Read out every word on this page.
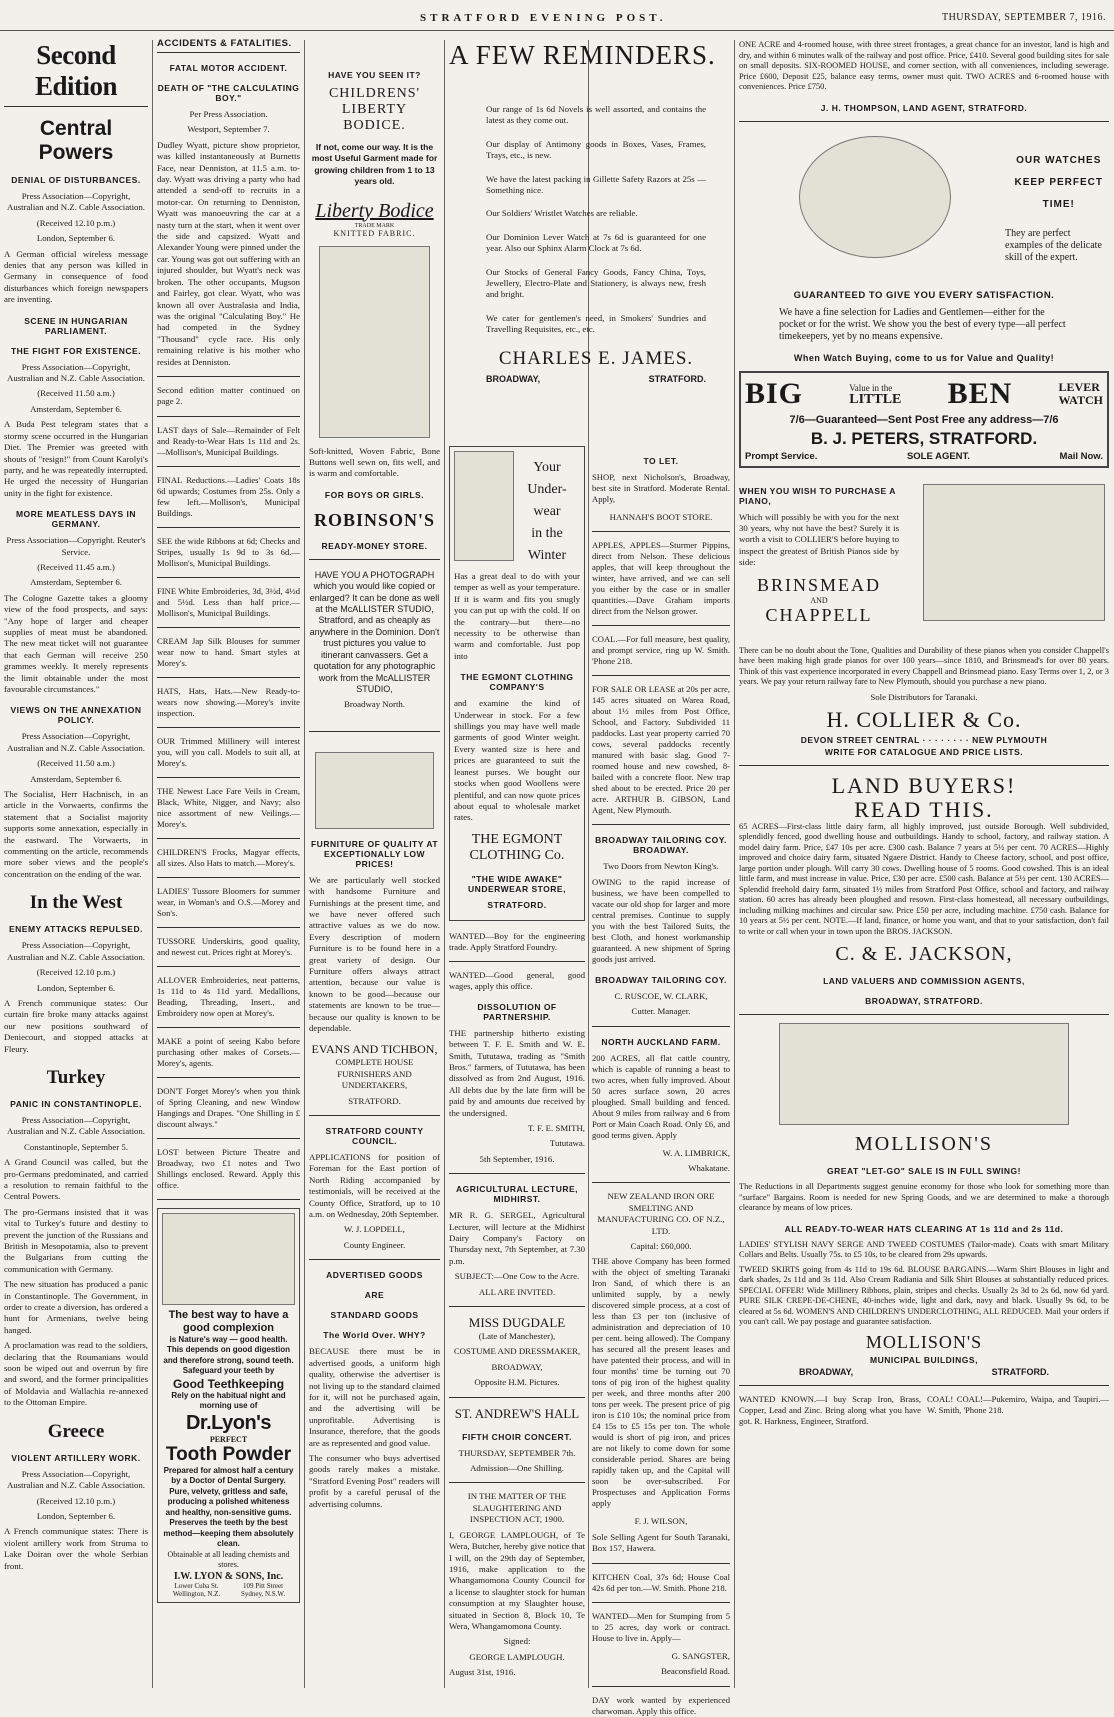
STRATFORD EVENING POST.	THURSDAY, SEPTEMBER 7, 1916.
Second Edition
Central Powers
DENIAL OF DISTURBANCES.
Press Association—Copyright, Australian and N.Z. Cable Association.
(Received 12.10 p.m.)
London, September 6.
A German official wireless message denies that any person was killed in Germany in consequence of food disturbances which foreign newspapers are inventing.
SCENE IN HUNGARIAN PARLIAMENT.
THE FIGHT FOR EXISTENCE.
Press Association—Copyright, Australian and N.Z. Cable Association.
(Received 11.50 a.m.)
Amsterdam, September 6.
A Buda Pest telegram states that a stormy scene occurred in the Hungarian Diet. The Premier was greeted with shouts of "resign!" from Count Karolyi's party, and he was repeatedly interrupted. He urged the necessity of Hungarian unity in the fight for existence.
MORE MEATLESS DAYS IN GERMANY.
Press Association—Copyright. Reuter's Service.
(Received 11.45 a.m.)
Amsterdam, September 6.
The Cologne Gazette takes a gloomy view of the food prospects, and says: "Any hope of larger and cheaper supplies of meat must be abandoned. The new meat ticket will not guarantee that each German will receive 250 grammes weekly. It merely represents the limit obtainable under the most favourable circumstances."
VIEWS ON THE ANNEXATION POLICY.
Press Association—Copyright, Australian and N.Z. Cable Association.
(Received 11.50 a.m.)
Amsterdam, September 6.
The Socialist, Herr Hachnisch, in an article in the Vorwaerts, confirms the statement that a Socialist majority supports some annexation, especially in the eastward. The Vorwaerts, in commenting on the article, recommends more sober views and the people's concentration on the ending of the war.
In the West
ENEMY ATTACKS REPULSED.
Press Association—Copyright, Australian and N.Z. Cable Association.
(Received 12.10 p.m.)
London, September 6.
A French communique states: Our curtain fire broke many attacks against our new positions southward of Deniecourt, and stopped attacks at Fleury.
Turkey
PANIC IN CONSTANTINOPLE.
Press Association—Copyright, Australian and N.Z. Cable Association.
Constantinople, September 5.
A Grand Council was called, but the pro-Germans predominated, and carried a resolution to remain faithful to the Central Powers.
The pro-Germans insisted that it was vital to Turkey's future and destiny to prevent the junction of the Russians and British in Mesopotamia, also to prevent the Bulgarians from cutting the communication with Germany.
The new situation has produced a panic in Constantinople. The Government, in order to create a diversion, has ordered a hunt for Armenians, twelve being hanged.
A proclamation was read to the soldiers, declaring that the Roumanians would soon be wiped out and overrun by fire and sword, and the former principalities of Moldavia and Wallachia re-annexed to the Ottoman Empire.
Greece
VIOLENT ARTILLERY WORK.
Press Association—Copyright, Australian and N.Z. Cable Association.
(Received 12.10 p.m.)
London, September 6.
A French communique states: There is violent artillery work from Struma to Lake Doiran over the whole Serbian front.
ACCIDENTS & FATALITIES.
FATAL MOTOR ACCIDENT.
DEATH OF "THE CALCULATING BOY."
Per Press Association.
Westport, September 7.
Dudley Wyatt, picture show proprietor, was killed instantaneously at Burnetts Face, near Denniston, at 11.5 a.m. to-day. Wyatt was driving a party who had attended a send-off to recruits in a motor-car. On returning to Denniston, Wyatt was manoeuvring the car at a nasty turn at the start, when it went over the side and capsized. Wyatt and Alexander Young were pinned under the car. Young was got out suffering with an injured shoulder, but Wyatt's neck was broken. The other occupants, Mugson and Fairley, got clear. Wyatt, who was known all over Australasia and India, was the original "Calculating Boy." He had competed in the Sydney "Thousand" cycle race. His only remaining relative is his mother who resides at Denniston.
Second edition matter continued on page 2.
LAST days of Sale—Remainder of Felt and Ready-to-Wear Hats 1s 11d and 2s.—Mollison's, Municipal Buildings.
FINAL Reductions.—Ladies' Coats 18s 6d upwards; Costumes from 25s. Only a few left.—Mollison's, Municipal Buildings.
SEE the wide Ribbons at 6d; Checks and Stripes, usually 1s 9d to 3s 6d.—Mollison's, Municipal Buildings.
FINE White Embroideries, 3d, 3½d, 4½d and 5½d. Less than half price.—Mollison's, Municipal Buildings.
CREAM Jap Silk Blouses for summer wear now to hand. Smart styles at Morey's.
HATS, Hats, Hats.—New Ready-to-wears now showing.—Morey's invite inspection.
OUR Trimmed Millinery will interest you, will you call. Models to suit all, at Morey's.
THE Newest Lace Fare Veils in Cream, Black, White, Nigger, and Navy; also nice assortment of new Veilings.—Morey's.
CHILDREN'S Frocks, Magyar effects, all sizes. Also Hats to match.—Morey's.
LADIES' Tussore Bloomers for summer wear, in Woman's and O.S.—Morey and Son's.
TUSSORE Underskirts, good quality, and newest cut. Prices right at Morey's.
ALLOVER Embroideries, neat patterns, 1s 11d to 4s 11d yard. Medallions, Beading, Threading, Insert., and Embroidery now open at Morey's.
MAKE a point of seeing Kabo before purchasing other makes of Corsets.—Morey's, agents.
DON'T Forget Morey's when you think of Spring Cleaning, and new Window Hangings and Drapes. "One Shilling in £ discount always."
LOST between Picture Theatre and Broadway, two £1 notes and Two Shillings enclosed. Reward. Apply this office.
The best way to have a good complexion
is Nature's way — good health. This depends on good digestion and therefore strong, sound teeth. Safeguard your teeth by
Good Teethkeeping
Rely on the habitual night and morning use of
Dr.Lyon's
PERFECT
Tooth Powder
Prepared for almost half a century by a Doctor of Dental Surgery. Pure, velvety, gritless and safe, producing a polished whiteness and healthy, non-sensitive gums. Preserves the teeth by the best method—keeping them absolutely clean.
Obtainable at all leading chemists and stores.
I.W. LYON & SONS, Inc.
Lower Cuba St. Wellington, N.Z.
109 Pitt Street Sydney, N.S.W.
HAVE YOU SEEN IT?
CHILDRENS' LIBERTY BODICE.
If not, come our way. It is the most Useful Garment made for growing children from 1 to 13 years old.
Liberty Bodice
TRADE MARK
KNITTED FABRIC.
Soft-knitted, Woven Fabric, Bone Buttons well sewn on, fits well, and is warm and comfortable.
FOR BOYS OR GIRLS.
ROBINSON'S
READY-MONEY STORE.
HAVE YOU A PHOTOGRAPH which you would like copied or enlarged? It can be done as well at the McALLISTER STUDIO, Stratford, and as cheaply as anywhere in the Dominion. Don't trust pictures you value to itinerant canvassers. Get a quotation for any photographic work from the McALLISTER STUDIO,
Broadway North.
FURNITURE OF QUALITY AT EXCEPTIONALLY LOW PRICES!
We are particularly well stocked with handsome Furniture and Furnishings at the present time, and we have never offered such attractive values as we do now. Every description of modern Furniture is to be found here in a great variety of design. Our Furniture offers always attract attention, because our value is known to be good—because our statements are known to be true—because our quality is known to be dependable.
EVANS AND TICHBON,
COMPLETE HOUSE FURNISHERS AND UNDERTAKERS,
STRATFORD.
STRATFORD COUNTY COUNCIL.
APPLICATIONS for position of Foreman for the East portion of North Riding accompanied by testimonials, will be received at the County Office, Stratford, up to 10 a.m. on Wednesday, 20th September.
W. J. LOPDELL,
County Engineer.
ADVERTISED GOODS
ARE
STANDARD GOODS
The World Over. WHY?
BECAUSE there must be in advertised goods, a uniform high quality, otherwise the advertiser is not living up to the standard claimed for it, will not be purchased again, and the advertising will be unprofitable. Advertising is Insurance, therefore, that the goods are as represented and good value.
The consumer who buys advertised goods rarely makes a mistake. "Stratford Evening Post" readers will profit by a careful perusal of the advertising columns.
A FEW REMINDERS.
Our range of 1s 6d Novels is well assorted, and contains the latest as they come out.
Our display of Antimony goods in Boxes, Vases, Frames, Trays, etc., is new.
We have the latest packing in Gillette Safety Razors at 25s —Something nice.
Our Soldiers' Wristlet Watches are reliable.
Our Dominion Lever Watch at 7s 6d is guaranteed for one year. Also our Sphinx Alarm Clock at 7s 6d.
Our Stocks of General Fancy Goods, Fancy China, Toys, Jewellery, Electro-Plate and Stationery, is always new, fresh and bright.
We cater for gentlemen's need, in Smokers' Sundries and Travelling Requisites, etc., etc.
CHARLES E. JAMES.
BROADWAY,	STRATFORD.
Your Under-
wear
in the
Winter
Has a great deal to do with your temper as well as your temperature. If it is warm and fits you snugly you can put up with the cold. If on the contrary—but there—no necessity to be otherwise than warm and comfortable. Just pop into
THE EGMONT CLOTHING COMPANY'S
and examine the kind of Underwear in stock. For a few shillings you may have well made garments of good Winter weight. Every wanted size is here and prices are guaranteed to suit the leanest purses. We bought our stocks when good Woollens were plentiful, and can now quote prices about equal to wholesale market rates.
THE EGMONT CLOTHING Co.
"THE WIDE AWAKE" UNDERWEAR STORE,
STRATFORD.
WANTED—Boy for the engineering trade. Apply Stratford Foundry.
WANTED—Good general, good wages, apply this office.
DISSOLUTION OF PARTNERSHIP.
THE partnership hitherto existing between T. F. E. Smith and W. E. Smith, Tututawa, trading as "Smith Bros." farmers, of Tututawa, has been dissolved as from 2nd August, 1916. All debts due by the late firm will be paid by and amounts due received by the undersigned.
T. F. E. SMITH,
Tututawa.
5th September, 1916.
AGRICULTURAL LECTURE, MIDHIRST.
MR R. G. SERGEL, Agricultural Lecturer, will lecture at the Midhirst Dairy Company's Factory on Thursday next, 7th September, at 7.30 p.m.
SUBJECT:—One Cow to the Acre.
ALL ARE INVITED.
MISS DUGDALE
(Late of Manchester),
COSTUME AND DRESSMAKER,
BROADWAY,
Opposite H.M. Pictures.
ST. ANDREW'S HALL
FIFTH CHOIR CONCERT.
THURSDAY, SEPTEMBER 7th.
Admission—One Shilling.
IN THE MATTER OF THE SLAUGHTERING AND INSPECTION ACT, 1900.
I, GEORGE LAMPLOUGH, of Te Wera, Butcher, hereby give notice that I will, on the 29th day of September, 1916, make application to the Whangamomona County Council for a license to slaughter stock for human consumption at my Slaughter house, situated in Section 8, Block 10, Te Wera, Whangamomona County.
Signed:
GEORGE LAMPLOUGH.
August 31st, 1916.
TO LET.
SHOP, next Nicholson's, Broadway, best site in Stratford. Moderate Rental. Apply,
HANNAH'S BOOT STORE.
APPLES, APPLES—Sturmer Pippins, direct from Nelson. These delicious apples, that will keep throughout the winter, have arrived, and we can sell you either by the case or in smaller quantities.—Dave Graham imports direct from the Nelson grower.
COAL.—For full measure, best quality, and prompt service, ring up W. Smith. 'Phone 218.
FOR SALE OR LEASE at 20s per acre, 145 acres situated on Warea Road, about 1½ miles from Post Office, School, and Factory. Subdivided 11 paddocks. Last year property carried 70 cows, several paddocks recently manured with basic slag. Good 7-roomed house and new cowshed, 8-bailed with a concrete floor. New trap shed about to be erected. Price 20 per acre. ARTHUR B. GIBSON, Land Agent, New Plymouth.
BROADWAY TAILORING COY. BROADWAY.
Two Doors from Newton King's.
OWING to the rapid increase of business, we have been compelled to vacate our old shop for larger and more central premises. Continue to supply you with the best Tailored Suits, the best Cloth, and honest workmanship guaranteed. A new shipment of Spring goods just arrived.
BROADWAY TAILORING COY.
C. RUSCOE, W. CLARK,
Cutter. Manager.
NORTH AUCKLAND FARM.
200 ACRES, all flat cattle country, which is capable of running a beast to two acres, when fully improved. About 50 acres surface sown, 20 acres ploughed. Small building and fenced. About 9 miles from railway and 6 from Port or Main Coach Road. Only £6, and good terms given. Apply
W. A. LIMBRICK,
Whakatane.
NEW ZEALAND IRON ORE SMELTING AND MANUFACTURING CO. OF N.Z., LTD.
Capital: £60,000.
THE above Company has been formed with the object of smelting Taranaki Iron Sand, of which there is an unlimited supply, by a newly discovered simple process, at a cost of less than £3 per ton (inclusive of administration and depreciation of 10 per cent. being allowed). The Company has secured all the present leases and have patented their process, and will in four months' time be turning out 70 tons of pig iron of the highest quality per week, and three months after 200 tons per week. The present price of pig iron is £10 10s; the nominal price from £4 15s to £5 15s per ton. The whole would is short of pig iron, and prices are not likely to come down for some considerable period. Shares are being rapidly taken up, and the Capital will soon be over-subscribed. For Prospectuses and Application Forms apply
F. J. WILSON,
Sole Selling Agent for South Taranaki, Box 157, Hawera.
KITCHEN Coal, 37s 6d; House Coal 42s 6d per ton.—W. Smith. Phone 218.
WANTED—Men for Stumping from 5 to 25 acres, day work or contract. House to live in. Apply—
G. SANGSTER,
Beaconsfield Road.
DAY work wanted by experienced charwoman. Apply this office.
ONE ACRE and 4-roomed house, with three street frontages, a great chance for an investor, land is high and dry, and within 6 minutes walk of the railway and post office. Price, £410. Several good building sites for sale on small deposits. SIX-ROOMED HOUSE, and corner section, with all conveniences, including sewerage. Price £600, Deposit £25, balance easy terms, owner must quit. TWO ACRES and 6-roomed house with conveniences. Price £750.
J. H. THOMPSON, LAND AGENT, STRATFORD.
OUR WATCHES
KEEP PERFECT
TIME!
They are perfect examples of the delicate skill of the expert.
GUARANTEED TO GIVE YOU EVERY SATISFACTION.
We have a fine selection for Ladies and Gentlemen—either for the pocket or for the wrist. We show you the best of every type—all perfect timekeepers, yet by no means expensive.
When Watch Buying, come to us for Value and Quality!
BIG	Value in the
LITTLE BEN	LEVER
WATCH
7/6—Guaranteed—Sent Post Free any address—7/6
B. J. PETERS, STRATFORD.
Prompt Service.	SOLE AGENT.	Mail Now.
WHEN YOU WISH TO PURCHASE A PIANO,
Which will possibly be with you for the next 30 years, why not have the best? Surely it is worth a visit to COLLIER'S before buying to inspect the greatest of British Pianos side by side:
BRINSMEAD
AND
CHAPPELL
There can be no doubt about the Tone, Qualities and Durability of these pianos when you consider Chappell's have been making high grade pianos for over 100 years—since 1810, and Brinsmead's for over 80 years. Think of this vast experience incorporated in every Chappell and Brinsmead piano. Easy Terms over 1, 2, or 3 years. We pay your return railway fare to New Plymouth, should you purchase a new piano.
Sole Distributors for Taranaki.
H. COLLIER & Co.
DEVON STREET CENTRAL · · · · · · · · NEW PLYMOUTH
WRITE FOR CATALOGUE AND PRICE LISTS.
LAND BUYERS!
READ THIS.
65 ACRES—First-class little dairy farm, all highly improved, just outside Borough. Well subdivided, splendidly fenced, good dwelling house and outbuildings. Handy to school, factory, and railway station. A model dairy farm. Price, £47 10s per acre. £300 cash. Balance 7 years at 5½ per cent. 70 ACRES—Highly improved and choice dairy farm, situated Ngaere District. Handy to Cheese factory, school, and post office, large portion under plough. Will carry 30 cows. Dwelling house of 5 rooms. Good cowshed. This is an ideal little farm, and must increase in value. Price, £30 per acre. £500 cash. Balance at 5½ per cent. 130 ACRES—Splendid freehold dairy farm, situated 1½ miles from Stratford Post Office, school and factory, and railway station. 60 acres has already been ploughed and resown. First-class homestead, all necessary outbuildings, including milking machines and circular saw. Price £50 per acre, including machine. £750 cash. Balance for 10 years at 5½ per cent. NOTE.—If land, finance, or home you want, and that to your satisfaction, don't fail to write or call when your in town upon the BROS. JACKSON.
C. & E. JACKSON,
LAND VALUERS AND COMMISSION AGENTS,
BROADWAY, STRATFORD.
MOLLISON'S
GREAT "LET-GO" SALE IS IN FULL SWING!
The Reductions in all Departments suggest genuine economy for those who look for something more than "surface" Bargains. Room is needed for new Spring Goods, and we are determined to make a thorough clearance by means of low prices.
ALL READY-TO-WEAR HATS CLEARING AT 1s 11d and 2s 11d.
LADIES' STYLISH NAVY SERGE AND TWEED COSTUMES (Tailor-made). Coats with smart Military Collars and Belts. Usually 75s. to £5 10s, to be cleared from 29s upwards.
TWEED SKIRTS going from 4s 11d to 19s 6d. BLOUSE BARGAINS.—Warm Shirt Blouses in light and dark shades, 2s 11d and 3s 11d. Also Cream Radiania and Silk Shirt Blouses at substantially reduced prices. SPECIAL OFFER! Wide Millinery Ribbons, plain, stripes and checks. Usually 2s 3d to 2s 6d, now 6d yard. PURE SILK CREPE-DE-CHENE, 40-inches wide, light and dark, navy and black. Usually 9s 6d, to be cleared at 5s 6d. WOMEN'S AND CHILDREN'S UNDERCLOTHING, ALL REDUCED. Mail your orders if you can't call. We pay postage and guarantee satisfaction.
MOLLISON'S
MUNICIPAL BUILDINGS,
BROADWAY,	STRATFORD.
WANTED KNOWN.—I buy Scrap Iron, Brass, Copper, Lead and Zinc. Bring along what you have got. R. Harkness, Engineer, Stratford.
COAL! COAL!—Pukemiro, Waipa, and Taupiri.—W. Smith, 'Phone 218.
